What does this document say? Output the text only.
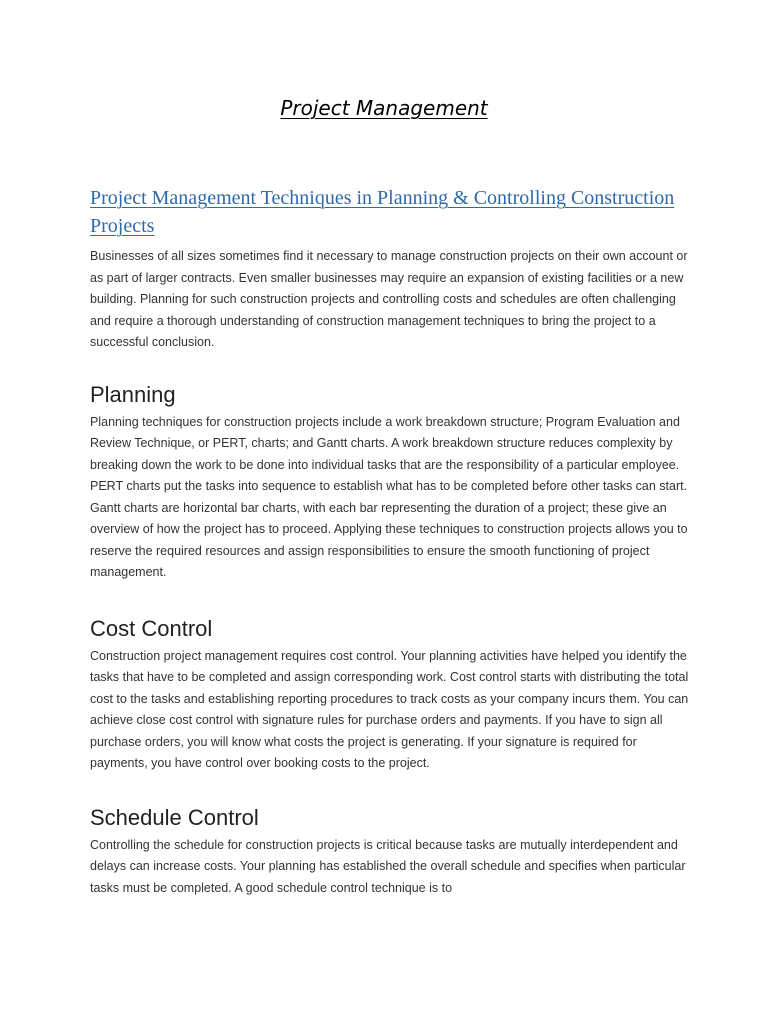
Project Management
Project Management Techniques in Planning & Controlling Construction Projects

Businesses of all sizes sometimes find it necessary to manage construction projects on their own account or as part of larger contracts. Even smaller businesses may require an expansion of existing facilities or a new building. Planning for such construction projects and controlling costs and schedules are often challenging and require a thorough understanding of construction management techniques to bring the project to a successful conclusion.

Planning

Planning techniques for construction projects include a work breakdown structure; Program Evaluation and Review Technique, or PERT, charts; and Gantt charts. A work breakdown structure reduces complexity by breaking down the work to be done into individual tasks that are the responsibility of a particular employee. PERT charts put the tasks into sequence to establish what has to be completed before other tasks can start. Gantt charts are horizontal bar charts, with each bar representing the duration of a project; these give an overview of how the project has to proceed. Applying these techniques to construction projects allows you to reserve the required resources and assign responsibilities to ensure the smooth functioning of project management.

Cost Control

Construction project management requires cost control. Your planning activities have helped you identify the tasks that have to be completed and assign corresponding work. Cost control starts with distributing the total cost to the tasks and establishing reporting procedures to track costs as your company incurs them. You can achieve close cost control with signature rules for purchase orders and payments. If you have to sign all purchase orders, you will know what costs the project is generating. If your signature is required for payments, you have control over booking costs to the project.

Schedule Control

Controlling the schedule for construction projects is critical because tasks are mutually interdependent and delays can increase costs. Your planning has established the overall schedule and specifies when particular tasks must be completed. A good schedule control technique is to
